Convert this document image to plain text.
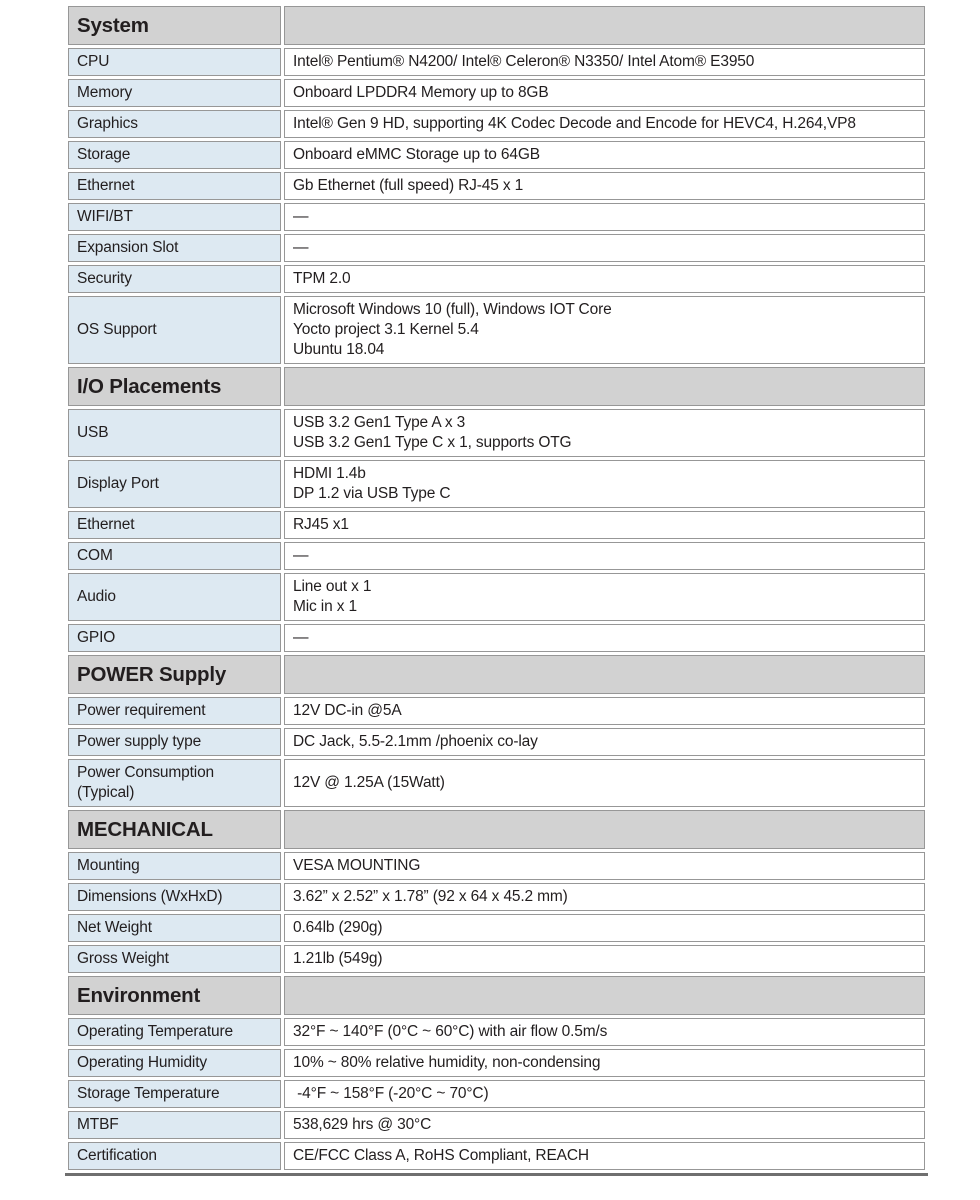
System	
CPU	Intel® Pentium® N4200/ Intel® Celeron® N3350/ Intel Atom® E3950

Memory	Onboard LPDDR4 Memory up to 8GB

Graphics	Intel® Gen 9 HD, supporting 4K Codec Decode and Encode for HEVC4, H.264,VP8

Storage	Onboard eMMC Storage up to 64GB

Ethernet	Gb Ethernet (full speed) RJ-45 x 1

WIFI/BT	—

Expansion Slot	—

Security	TPM 2.0

OS Support	Microsoft Windows 10 (full), Windows IOT Core
Yocto project 3.1 Kernel 5.4
Ubuntu 18.04

I/O Placements	
USB	USB 3.2 Gen1 Type A x 3
USB 3.2 Gen1 Type C x 1, supports OTG

Display Port	HDMI 1.4b
DP 1.2 via USB Type C

Ethernet	RJ45 x1

COM	—

Audio	Line out x 1
Mic in x 1

GPIO	—

POWER Supply	
Power requirement	12V DC-in @5A

Power supply type	DC Jack, 5.5-2.1mm /phoenix co-lay

Power Consumption (Typical)	12V @ 1.25A (15Watt)

MECHANICAL	
Mounting	VESA MOUNTING

Dimensions (WxHxD)	3.62” x 2.52” x 1.78” (92 x 64 x 45.2 mm)

Net Weight	0.64lb (290g)

Gross Weight	1.21lb (549g)

Environment	
Operating Temperature	32°F ~ 140°F (0°C ~ 60°C) with air flow 0.5m/s

Operating Humidity	10% ~ 80% relative humidity, non-condensing

Storage Temperature	-4°F ~ 158°F (-20°C ~ 70°C)

MTBF	538,629 hrs @ 30°C

Certification	CE/FCC Class A, RoHS Compliant, REACH
